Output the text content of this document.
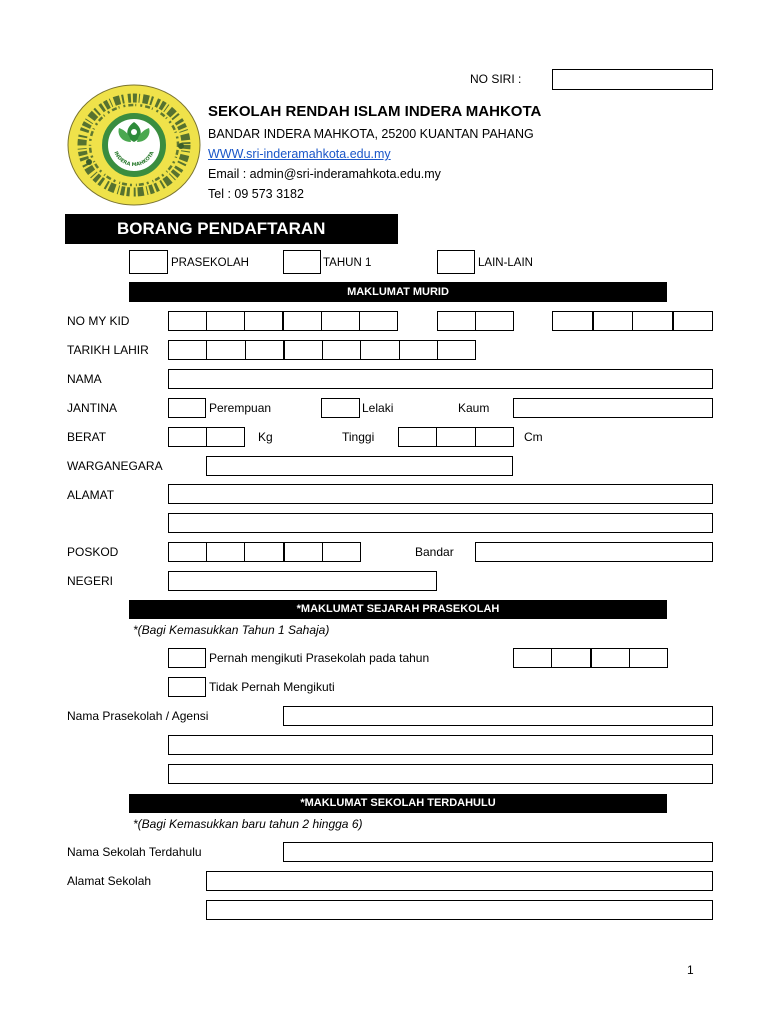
NO SIRI :
INDERA MAHKOTA
SEKOLAH RENDAH ISLAM INDERA MAHKOTA
BANDAR INDERA MAHKOTA, 25200 KUANTAN PAHANG
WWW.sri-inderamahkota.edu.my
Email : admin@sri-inderamahkota.edu.my
Tel : 09 573 3182
BORANG PENDAFTARAN
PRASEKOLAH	TAHUN 1	LAIN-LAIN
MAKLUMAT MURID
NO MY KID
TARIKH LAHIR
NAMA
JANTINA	Perempuan	Lelaki	Kaum
BERAT	Kg	Tinggi	Cm
WARGANEGARA
ALAMAT
POSKOD	Bandar
NEGERI
*MAKLUMAT SEJARAH PRASEKOLAH
*(Bagi Kemasukkan Tahun 1 Sahaja)
Pernah mengikuti Prasekolah pada tahun
Tidak Pernah Mengikuti
Nama Prasekolah / Agensi
*MAKLUMAT SEKOLAH TERDAHULU
*(Bagi Kemasukkan baru tahun 2 hingga 6)
Nama Sekolah Terdahulu
Alamat Sekolah
1
